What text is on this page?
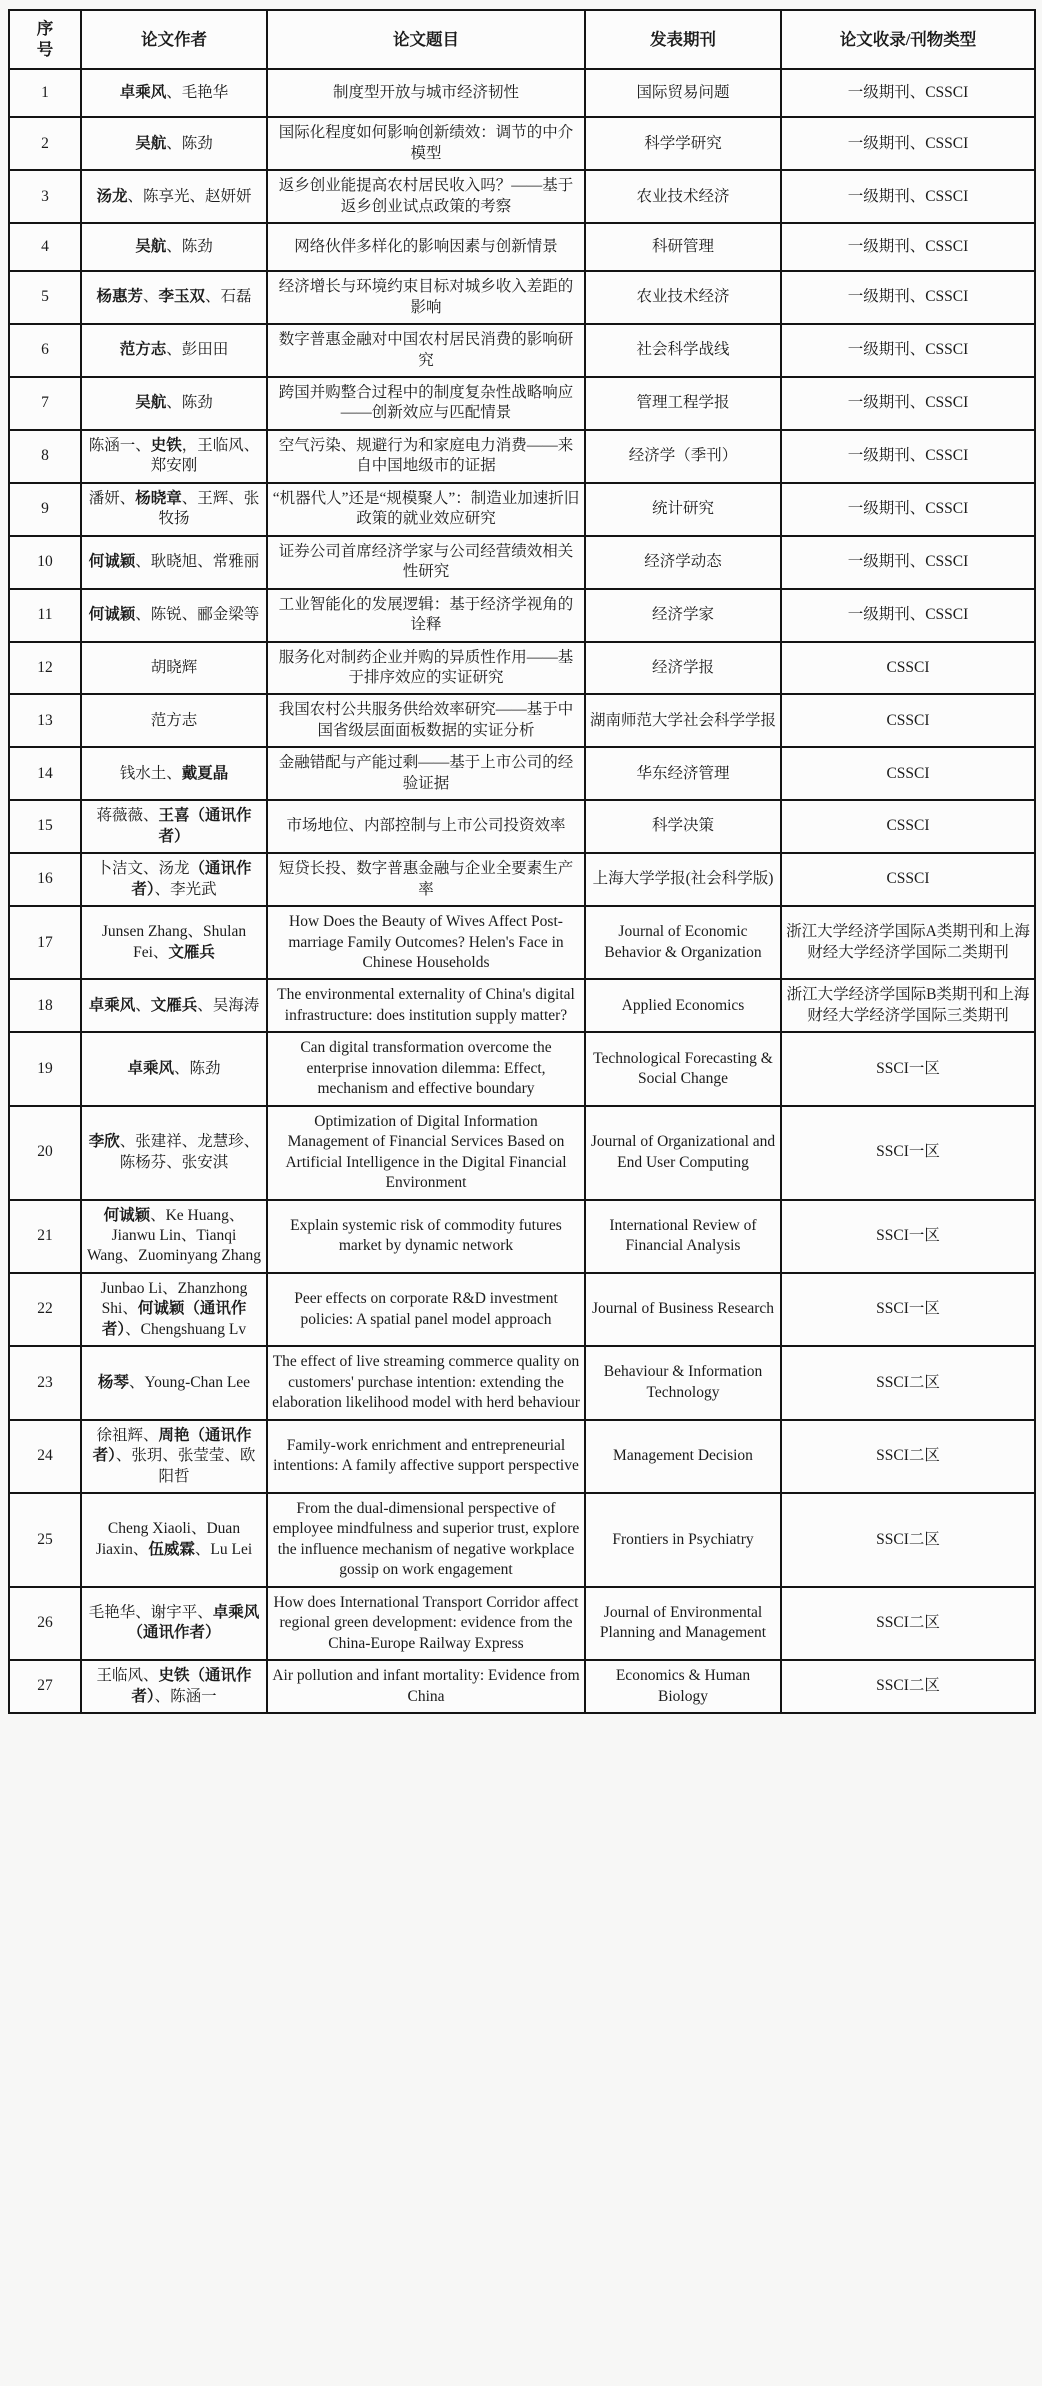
序号	论文作者	论文题目	发表期刊	论文收录/刊物类型
1	卓乘风、毛艳华	制度型开放与城市经济韧性	国际贸易问题	一级期刊、CSSCI
2	吴航、陈劲	国际化程度如何影响创新绩效：调节的中介模型	科学学研究	一级期刊、CSSCI
3	汤龙、陈享光、赵妍妍	返乡创业能提高农村居民收入吗？——基于返乡创业试点政策的考察	农业技术经济	一级期刊、CSSCI
4	吴航、陈劲	网络伙伴多样化的影响因素与创新情景	科研管理	一级期刊、CSSCI
5	杨惠芳、李玉双、石磊	经济增长与环境约束目标对城乡收入差距的影响	农业技术经济	一级期刊、CSSCI
6	范方志、彭田田	数字普惠金融对中国农村居民消费的影响研究	社会科学战线	一级期刊、CSSCI
7	吴航、陈劲	跨国并购整合过程中的制度复杂性战略响应——创新效应与匹配情景	管理工程学报	一级期刊、CSSCI
8	陈涵一、史铁，王临风、郑安刚	空气污染、规避行为和家庭电力消费——来自中国地级市的证据	经济学（季刊）	一级期刊、CSSCI
9	潘妍、杨晓章、王辉、张牧扬	“机器代人”还是“规模聚人”：制造业加速折旧政策的就业效应研究	统计研究	一级期刊、CSSCI
10	何诚颖、耿晓旭、常雅丽	证券公司首席经济学家与公司经营绩效相关性研究	经济学动态	一级期刊、CSSCI
11	何诚颖、陈锐、郦金梁等	工业智能化的发展逻辑：基于经济学视角的诠释	经济学家	一级期刊、CSSCI
12	胡晓辉	服务化对制药企业并购的异质性作用——基于排序效应的实证研究	经济学报	CSSCI
13	范方志	我国农村公共服务供给效率研究——基于中国省级层面面板数据的实证分析	湖南师范大学社会科学学报	CSSCI
14	钱水土、戴夏晶	金融错配与产能过剩——基于上市公司的经验证据	华东经济管理	CSSCI
15	蒋薇薇、王喜（通讯作者）	市场地位、内部控制与上市公司投资效率	科学决策	CSSCI
16	卜洁文、汤龙（通讯作者）、李光武	短贷长投、数字普惠金融与企业全要素生产率	上海大学学报(社会科学版)	CSSCI
17	Junsen Zhang、Shulan Fei、文雁兵	How Does the Beauty of Wives Affect Post-marriage Family Outcomes? Helen's Face in Chinese Households	Journal of Economic Behavior & Organization	浙江大学经济学国际A类期刊和上海财经大学经济学国际二类期刊
18	卓乘风、文雁兵、吴海涛	The environmental externality of China's digital infrastructure: does institution supply matter?	Applied Economics	浙江大学经济学国际B类期刊和上海财经大学经济学国际三类期刊
19	卓乘风、陈劲	Can digital transformation overcome the enterprise innovation dilemma: Effect, mechanism and effective boundary	Technological Forecasting & Social Change	SSCI一区
20	李欣、张建祥、龙慧珍、陈杨芬、张安淇	Optimization of Digital Information Management of Financial Services Based on Artificial Intelligence in the Digital Financial Environment	Journal of Organizational and End User Computing	SSCI一区
21	何诚颖、Ke Huang、Jianwu Lin、Tianqi Wang、Zuominyang Zhang	Explain systemic risk of commodity futures market by dynamic network	International Review of Financial Analysis	SSCI一区
22	Junbao Li、Zhanzhong Shi、何诚颖（通讯作者）、Chengshuang Lv	Peer effects on corporate R&D investment policies: A spatial panel model approach	Journal of Business Research	SSCI一区
23	杨琴、Young-Chan Lee	The effect of live streaming commerce quality on customers' purchase intention: extending the elaboration likelihood model with herd behaviour	Behaviour & Information Technology	SSCI二区
24	徐祖辉、周艳（通讯作者）、张玥、张莹莹、欧阳哲	Family-work enrichment and entrepreneurial intentions: A family affective support perspective	Management Decision	SSCI二区
25	Cheng Xiaoli、Duan Jiaxin、伍威霖、Lu Lei	From the dual-dimensional perspective of employee mindfulness and superior trust, explore the influence mechanism of negative workplace gossip on work engagement	Frontiers in Psychiatry	SSCI二区
26	毛艳华、谢宇平、卓乘风（通讯作者）	How does International Transport Corridor affect regional green development: evidence from the China-Europe Railway Express	Journal of Environmental Planning and Management	SSCI二区
27	王临风、史铁（通讯作者）、陈涵一	Air pollution and infant mortality: Evidence from China	Economics & Human Biology	SSCI二区
